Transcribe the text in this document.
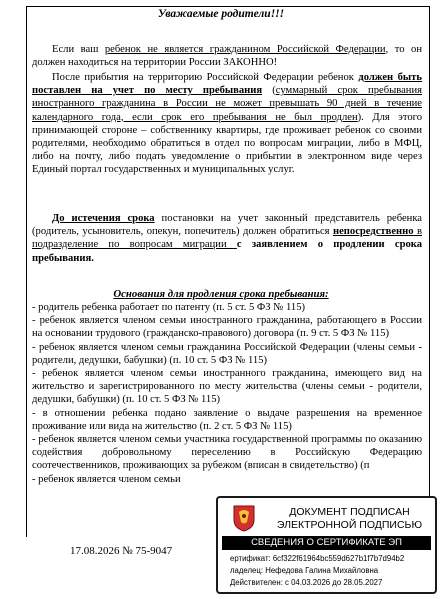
Уважаемые родители!!!
Если ваш ребенок не является гражданином Российской Федерации, то он должен находиться на территории России ЗАКОННО!
После прибытия на территорию Российской Федерации ребенок должен быть поставлен на учет по месту пребывания (суммарный срок пребывания иностранного гражданина в России не может превышать 90 дней в течение календарного года, если срок его пребывания не был продлен). Для этого принимающей стороне – собственнику квартиры, где проживает ребенок со своими родителями, необходимо обратиться в отдел по вопросам миграции, либо в МФЦ, либо на почту, либо подать уведомление о прибытии в электронном виде через Единый портал государственных и муниципальных услуг.
До истечения срока постановки на учет законный представитель ребенка (родитель, усыновитель, опекун, попечитель) должен обратиться непосредственно в подразделение по вопросам миграции с заявлением о продлении срока пребывания.
Основания для продления срока пребывания:
- родитель ребенка работает по патенту (п. 5 ст. 5 ФЗ № 115)
- ребенок является членом семьи иностранного гражданина, работающего в России на основании трудового (гражданско-правового) договора (п. 9 ст. 5 ФЗ № 115)
- ребенок является членом семьи гражданина Российской Федерации (члены семьи - родители, дедушки, бабушки) (п. 10 ст. 5 ФЗ № 115)
- ребенок является членом семьи иностранного гражданина, имеющего вид на жительство и зарегистрированного по месту жительства (члены семьи - родители, дедушки, бабушки) (п. 10 ст. 5 ФЗ № 115)
- в отношении ребенка подано заявление о выдаче разрешения на временное проживание или вида на жительство (п. 2 ст. 5 ФЗ № 115)
- ребенок является членом семьи участника государственной программы по оказанию содействия добровольному переселению в Российскую Федерацию соотечественников, проживающих за рубежом (вписан в свидетельство) (п
- ребенок является членом семьи
17.08.2026 № 75-9047
ДОКУМЕНТ ПОДПИСАН
ЭЛЕКТРОННОЙ ПОДПИСЬЮ
СВЕДЕНИЯ О СЕРТИФИКАТЕ ЭП
ертификат: 6cf322f61964bc559d627b1f7b7d94b2
ладелец: Нефедова Галина Михайловна
Действителен: с 04.03.2026 до 28.05.2027
